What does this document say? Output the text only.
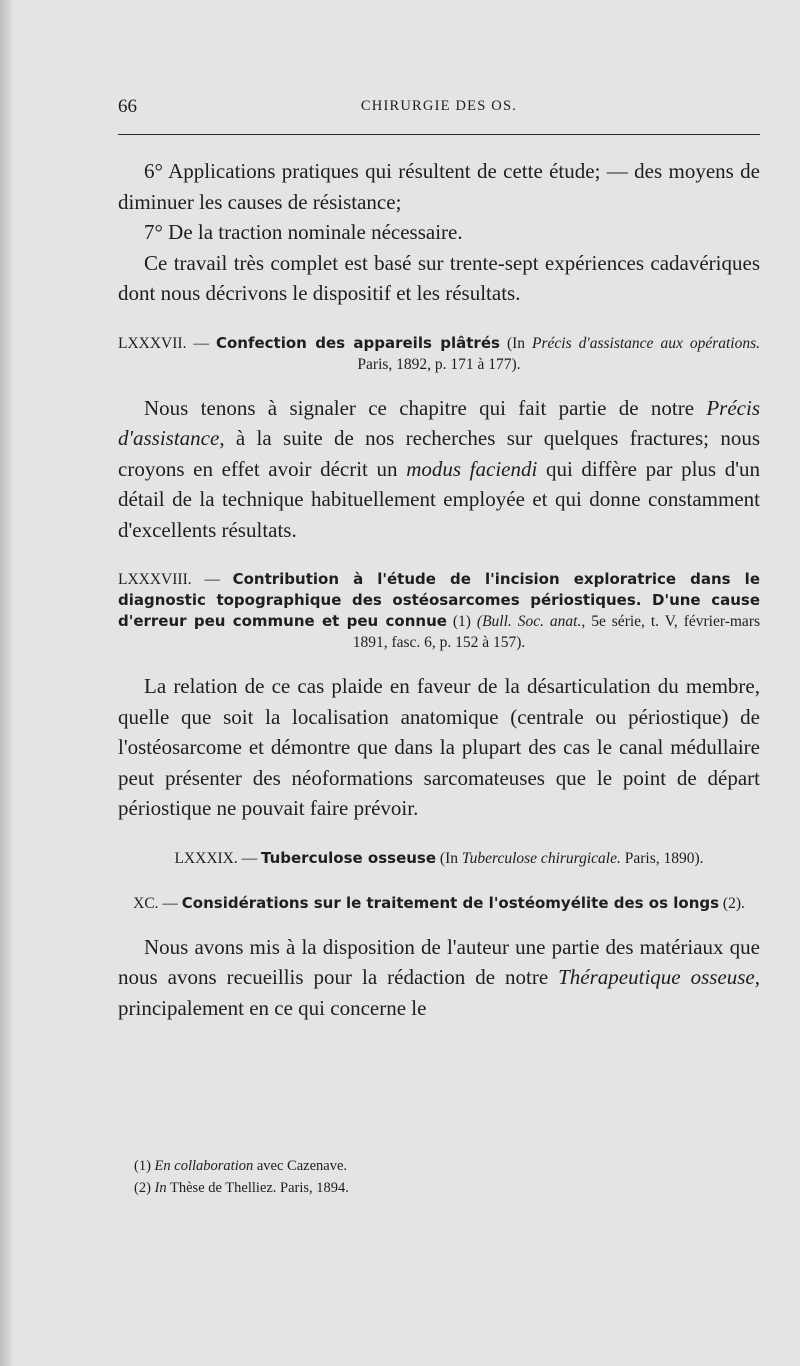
66	CHIRURGIE DES OS.

6° Applications pratiques qui résultent de cette étude; — des moyens de diminuer les causes de résistance;

7° De la traction nominale nécessaire.

Ce travail très complet est basé sur trente-sept expériences cadavériques dont nous décrivons le dispositif et les résultats.

LXXXVII. — Confection des appareils plâtrés (In Précis d'assistance aux opérations. Paris, 1892, p. 171 à 177).

Nous tenons à signaler ce chapitre qui fait partie de notre Précis d'assistance, à la suite de nos recherches sur quelques fractures; nous croyons en effet avoir décrit un modus faciendi qui diffère par plus d'un détail de la technique habituellement employée et qui donne constamment d'excellents résultats.

LXXXVIII. — Contribution à l'étude de l'incision exploratrice dans le diagnostic topographique des ostéosarcomes périostiques. D'une cause d'erreur peu commune et peu connue (1) (Bull. Soc. anat., 5e série, t. V, février-mars 1891, fasc. 6, p. 152 à 157).

La relation de ce cas plaide en faveur de la désarticulation du membre, quelle que soit la localisation anatomique (centrale ou périostique) de l'ostéosarcome et démontre que dans la plupart des cas le canal médullaire peut présenter des néoformations sarcomateuses que le point de départ périostique ne pouvait faire prévoir.

LXXXIX. — Tuberculose osseuse (In Tuberculose chirurgicale. Paris, 1890).
XC. — Considérations sur le traitement de l'ostéomyélite des os longs (2).

Nous avons mis à la disposition de l'auteur une partie des matériaux que nous avons recueillis pour la rédaction de notre Thérapeutique osseuse, principalement en ce qui concerne le

(1) En collaboration avec Cazenave.
(2) In Thèse de Thelliez. Paris, 1894.
